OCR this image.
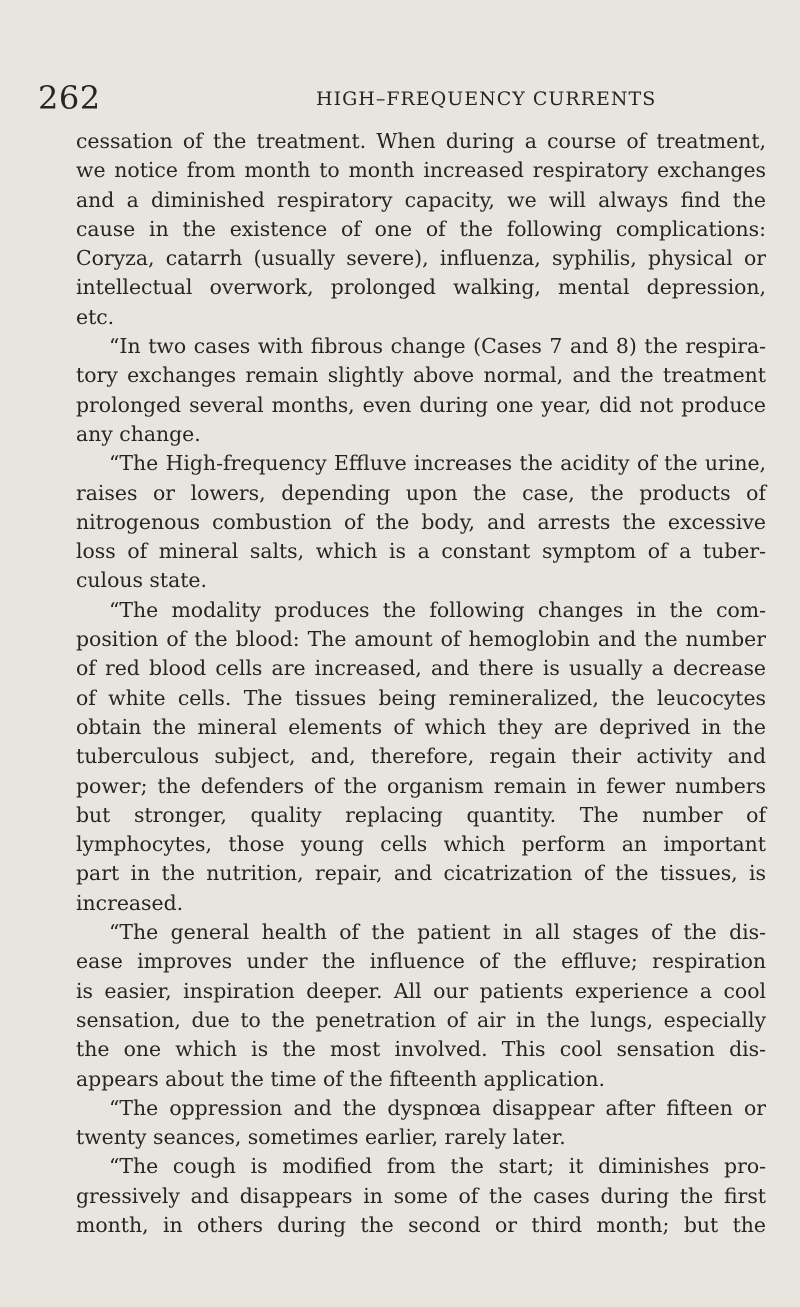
262	HIGH–FREQUENCY CURRENTS

cessation of the treatment. When during a course of treatment,
we notice from month to month increased respiratory exchanges
and a diminished respiratory capacity, we will always find the
cause in the existence of one of the following complications:
Coryza, catarrh (usually severe), influenza, syphilis, physical or
intellectual overwork, prolonged walking, mental depression,
etc.

“In two cases with fibrous change (Cases 7 and 8) the respira-
tory exchanges remain slightly above normal, and the treatment
prolonged several months, even during one year, did not produce
any change.

“The High-frequency Effluve increases the acidity of the urine,
raises or lowers, depending upon the case, the products of
nitrogenous combustion of the body, and arrests the excessive
loss of mineral salts, which is a constant symptom of a tuber-
culous state.

“The modality produces the following changes in the com-
position of the blood: The amount of hemoglobin and the number
of red blood cells are increased, and there is usually a decrease
of white cells. The tissues being remineralized, the leucocytes
obtain the mineral elements of which they are deprived in the
tuberculous subject, and, therefore, regain their activity and
power; the defenders of the organism remain in fewer numbers
but stronger, quality replacing quantity. The number of
lymphocytes, those young cells which perform an important
part in the nutrition, repair, and cicatrization of the tissues, is
increased.

“The general health of the patient in all stages of the dis-
ease improves under the influence of the effluve; respiration
is easier, inspiration deeper. All our patients experience a cool
sensation, due to the penetration of air in the lungs, especially
the one which is the most involved. This cool sensation dis-
appears about the time of the fifteenth application.

“The oppression and the dyspnœa disappear after fifteen or
twenty seances, sometimes earlier, rarely later.

“The cough is modified from the start; it diminishes pro-
gressively and disappears in some of the cases during the first
month, in others during the second or third month; but the
